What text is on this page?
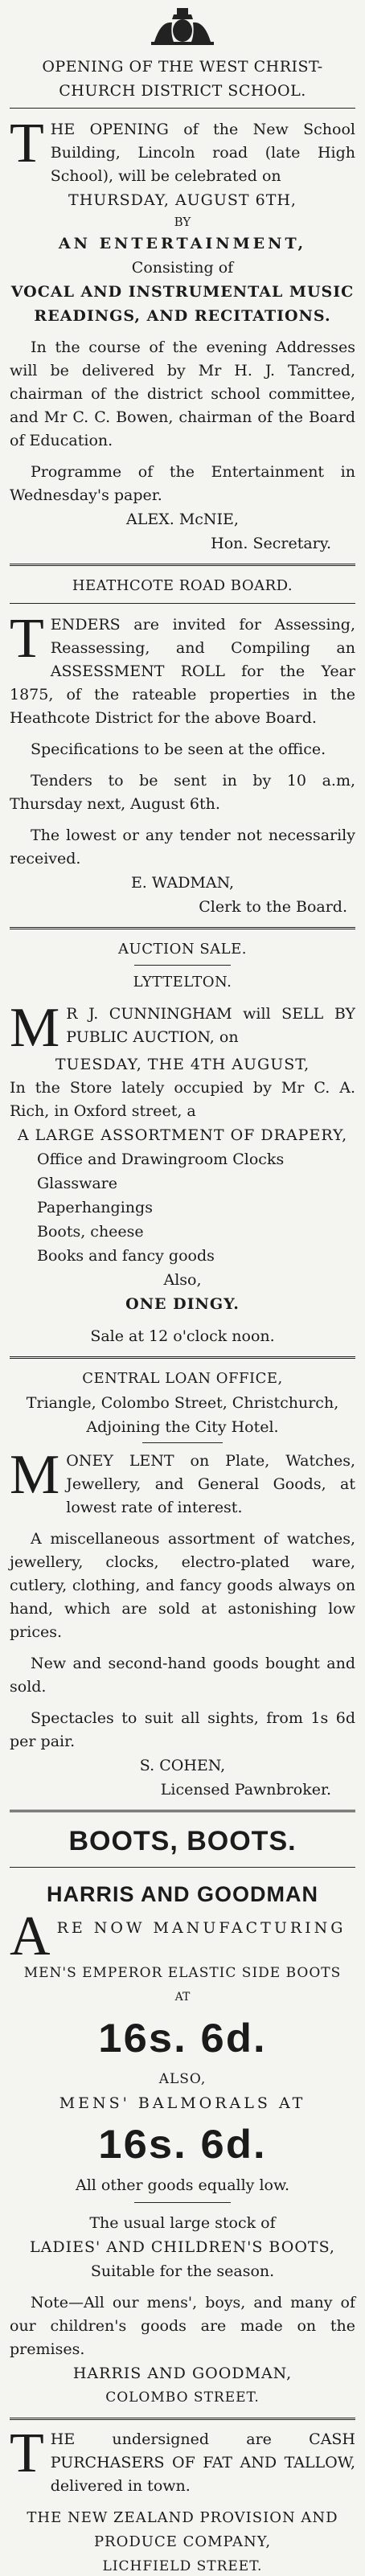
OPENING OF THE WEST CHRIST-
CHURCH DISTRICT SCHOOL.
T HE OPENING of the New School Building, Lincoln road (late High School), will be celebrated on

THURSDAY, AUGUST 6TH,
BY
AN ENTERTAINMENT,
Consisting of
VOCAL AND INSTRUMENTAL MUSIC
READINGS, AND RECITATIONS.

In the course of the evening Addresses will be delivered by Mr H. J. Tancred, chairman of the district school committee, and Mr C. C. Bowen, chairman of the Board of Education.

Programme of the Entertainment in Wednesday's paper.

ALEX. McNIE,
Hon. Secretary.
HEATHCOTE ROAD BOARD.
T ENDERS are invited for Assessing, Reassessing, and Compiling an ASSESSMENT ROLL for the Year 1875, of the rateable properties in the Heathcote District for the above Board.

Specifications to be seen at the office.

Tenders to be sent in by 10 a.m, Thursday next, August 6th.

The lowest or any tender not necessarily received.

E. WADMAN,
Clerk to the Board.
AUCTION SALE.
LYTTELTON.
M R J. CUNNINGHAM will SELL BY PUBLIC AUCTION, on

TUESDAY, THE 4TH AUGUST,

In the Store lately occupied by Mr C. A. Rich, in Oxford street, a

A LARGE ASSORTMENT OF DRAPERY,
Office and Drawingroom Clocks
Glassware
Paperhangings
Boots, cheese
Books and fancy goods
Also,
ONE DINGY.
Sale at 12 o'clock noon.
CENTRAL LOAN OFFICE,
Triangle, Colombo Street, Christchurch,
Adjoining the City Hotel.
M ONEY LENT on Plate, Watches, Jewellery, and General Goods, at lowest rate of interest.

A miscellaneous assortment of watches, jewellery, clocks, electro-plated ware, cutlery, clothing, and fancy goods always on hand, which are sold at astonishing low prices.

New and second-hand goods bought and sold.

Spectacles to suit all sights, from 1s 6d per pair.

S. COHEN,
Licensed Pawnbroker.
BOOTS, BOOTS.
HARRIS AND GOODMAN
A RE NOW MANUFACTURING
MEN'S EMPEROR ELASTIC SIDE BOOTS
AT
16s. 6d.
ALSO,
MENS' BALMORALS AT
16s. 6d.
All other goods equally low.
The usual large stock of
LADIES' AND CHILDREN'S BOOTS,
Suitable for the season.

Note—All our mens', boys, and many of our children's goods are made on the premises.

HARRIS AND GOODMAN,
COLOMBO STREET.
T HE undersigned are CASH PURCHASERS OF FAT AND TALLOW, delivered in town.

THE NEW ZEALAND PROVISION AND PRODUCE COMPANY,
LICHFIELD STREET.
